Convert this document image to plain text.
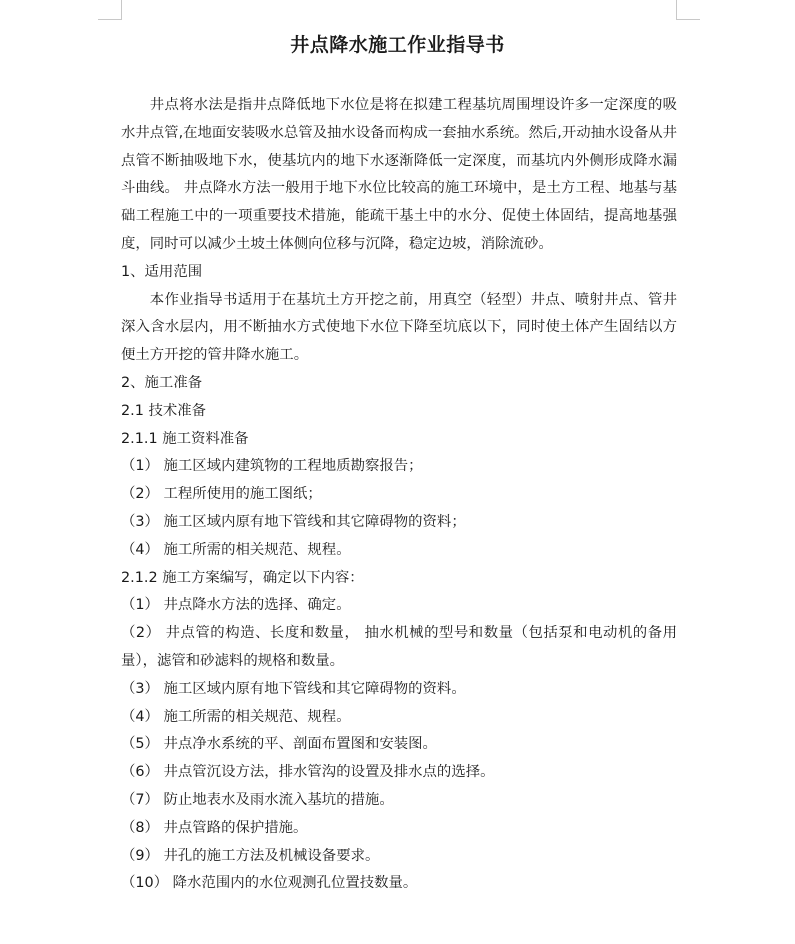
井点降水施工作业指导书

井点将水法是指井点降低地下水位是将在拟建工程基坑周围埋设许多一定深度的吸水井点管,在地面安装吸水总管及抽水设备而构成一套抽水系统。然后,开动抽水设备从井点管不断抽吸地下水，使基坑内的地下水逐渐降低一定深度，而基坑内外侧形成降水漏斗曲线。 井点降水方法一般用于地下水位比较高的施工环境中，是土方工程、地基与基础工程施工中的一项重要技术措施，能疏干基土中的水分、促使土体固结，提高地基强度，同时可以减少土坡土体侧向位移与沉降，稳定边坡，消除流砂。

1、适用范围

本作业指导书适用于在基坑土方开挖之前，用真空（轻型）井点、喷射井点、管井深入含水层内，用不断抽水方式使地下水位下降至坑底以下，同时使土体产生固结以方便土方开挖的管井降水施工。

2、施工准备

2.1 技术准备

2.1.1 施工资料准备

（1） 施工区域内建筑物的工程地质勘察报告；

（2） 工程所使用的施工图纸；

（3） 施工区域内原有地下管线和其它障碍物的资料；

（4） 施工所需的相关规范、规程。

2.1.2 施工方案编写，确定以下内容：

（1） 井点降水方法的选择、确定。

（2） 井点管的构造、长度和数量， 抽水机械的型号和数量（包括泵和电动机的备用量），滤管和砂滤料的规格和数量。

（3） 施工区域内原有地下管线和其它障碍物的资料。

（4） 施工所需的相关规范、规程。

（5） 井点净水系统的平、剖面布置图和安装图。

（6） 井点管沉设方法，排水管沟的设置及排水点的选择。

（7） 防止地表水及雨水流入基坑的措施。

（8） 井点管路的保护措施。

（9） 井孔的施工方法及机械设备要求。

（10） 降水范围内的水位观测孔位置技数量。
